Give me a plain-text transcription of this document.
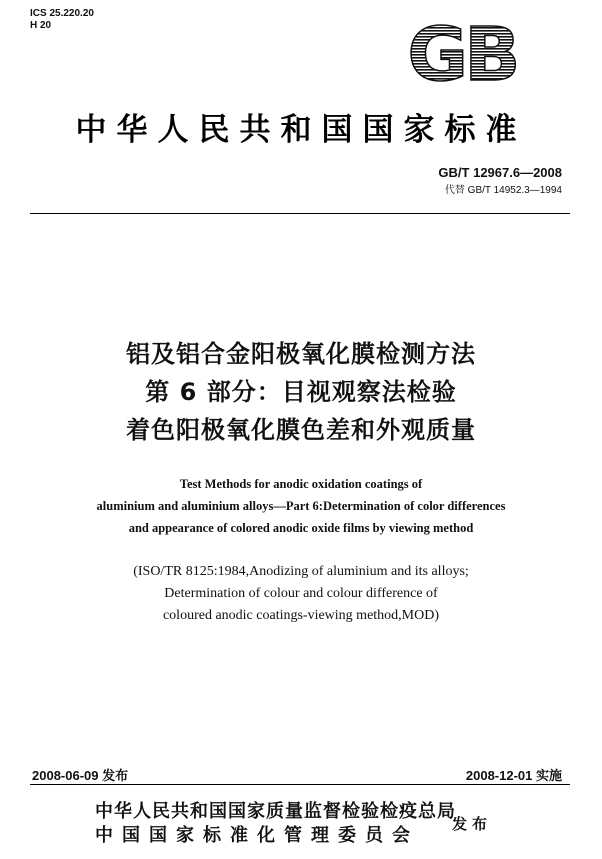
ICS 25.220.20
H 20	GB
中华人民共和国国家标准
GB/T 12967.6—2008
代替 GB/T 14952.3—1994
铝及铝合金阳极氧化膜检测方法
第 6 部分：目视观察法检验
着色阳极氧化膜色差和外观质量
Test Methods for anodic oxidation coatings of
aluminium and aluminium alloys—Part 6:Determination of color differences
and appearance of colored anodic oxide films by viewing method
(ISO/TR 8125:1984,Anodizing of aluminium and its alloys;
Determination of colour and colour difference of
coloured anodic coatings-viewing method,MOD)
2008-06-09 发布	2008-12-01 实施
中华人民共和国国家质量监督检验检疫总局
中国国家标准化管理委员会
发布
